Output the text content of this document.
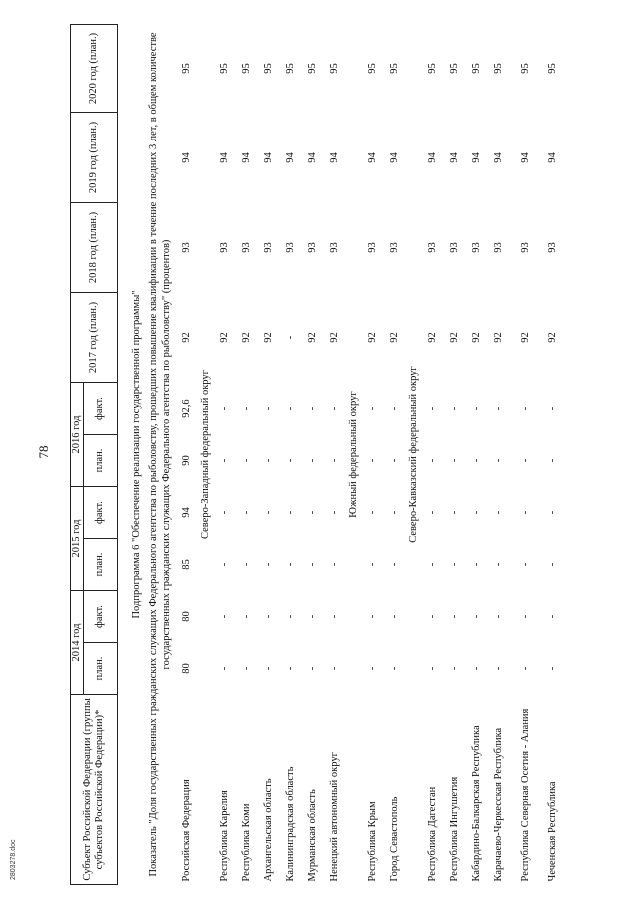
78
2803278.doc	Субъект Российской Федерации (группы субъектов Российской Федерации)*	2014 год		2015 год		2016 год		2017 год (план.)	2018 год (план.)	2019 год (план.)	2020 год (план.)
	план.	факт.	план.	факт.	план.	факт.				

Подпрограмма 6 "Обеспечение реализации государственной программы"										
Показатель "Доля государственных гражданских служащих Федерального агентства по рыболовству, прошедших повышение квалификации в течение последних 3 лет, в общем количестве государственных гражданских служащих Федерального агентства по рыболовству" (процентов)										
Российская Федерация	80	80	85	94	90	92,6	92	93	94	95
Северо-Западный федеральный округ										
Республика Карелия	-	-	-	-	-	-	92	93	94	95
Республика Коми	-	-	-	-	-	-	92	93	94	95
Архангельская область	-	-	-	-	-	-	92	93	94	95
Калининградская область	-	-	-	-	-	-	-	93	94	95
Мурманская область	-	-	-	-	-	-	92	93	94	95
Ненецкий автономный округ	-	-	-	-	-	-	92	93	94	95
Южный федеральный округ										
Республика Крым	-	-	-	-	-	-	92	93	94	95
Город Севастополь	-	-	-	-	-	-	92	93	94	95
Северо-Кавказский федеральный округ										
Республика Дагестан	-	-	-	-	-	-	92	93	94	95
Республика Ингушетия	-	-	-	-	-	-	92	93	94	95
Кабардино-Балкарская Республика	-	-	-	-	-	-	92	93	94	95
Карачаево-Черкесская Республика	-	-	-	-	-	-	92	93	94	95
Республика Северная Осетия - Алания	-	-	-	-	-	-	92	93	94	95
Чеченская Республика	-	-	-	-	-	-	92	93	94	95
